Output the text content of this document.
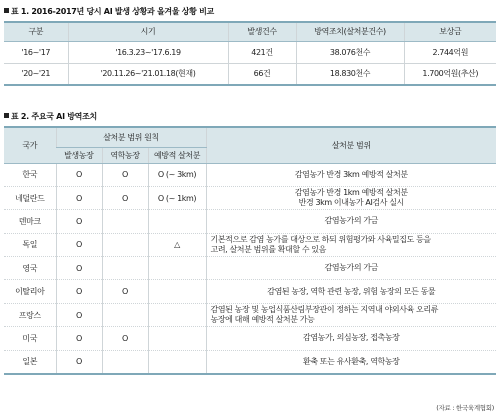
표 1. 2016-2017년 당시 AI 발생 상황과 올겨울 상황 비교
구분	시기	발생건수	방역조치(살처분건수)	보상금
'16~'17	'16.3.23~'17.6.19	421건	38.076천수	2.744억원
'20~'21	'20.11.26~'21.01.18(현재)	66건	18.830천수	1.700억원(추산)
표 2. 주요국 AI 방역조치
국가	살처분 범위 원칙			살처분 범위
	발생농장	역학농장	예방적 살처분	
한국	O	O	O (~ 3km)	감염농가 반경 3km 예방적 살처분
네덜란드	O	O	O (~ 1km)	감염농가 반경 1km 예방적 살처분
반경 3km 이내농가 AI검사 실시
덴마크	O			감염농가의 가금
독일	O		△	기본적으로 감염 농가를 대상으로 하되 위험평가와 사육밀집도 등을
고려, 살처분 범위를 확대할 수 있음
영국	O			감염농가의 가금
이탈리아	O	O		감염된 농장, 역학 관련 농장, 위험 농장의 모든 동물
프랑스	O			감염된 농장 및 농업식품산림부장관이 정하는 지역내 야외사육 오리류
농장에 대해 예방적 살처분 가능
미국	O	O		감염농가, 의심농장, 접촉농장
일본	O			환축 또는 유사환축, 역학농장
(자료 : 한국육계협회)
